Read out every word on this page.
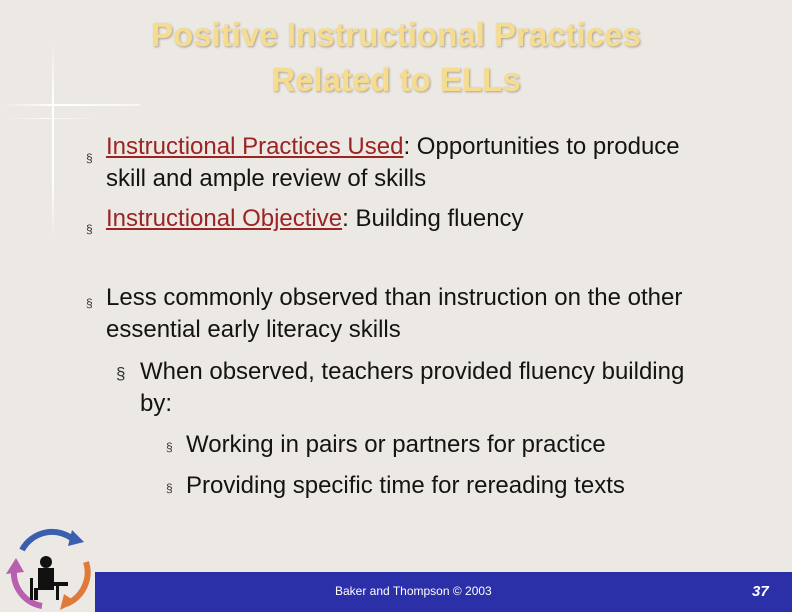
Positive Instructional Practices
Related to ELLs
§ Instructional Practices Used: Opportunities to produce
skill and ample review of skills
§ Instructional Objective: Building fluency
§ Less commonly observed than instruction on the other
essential early literacy skills
§ When observed, teachers provided fluency building
by:
§ Working in pairs or partners for practice
§ Providing specific time for rereading texts
Baker and Thompson © 2003	37
